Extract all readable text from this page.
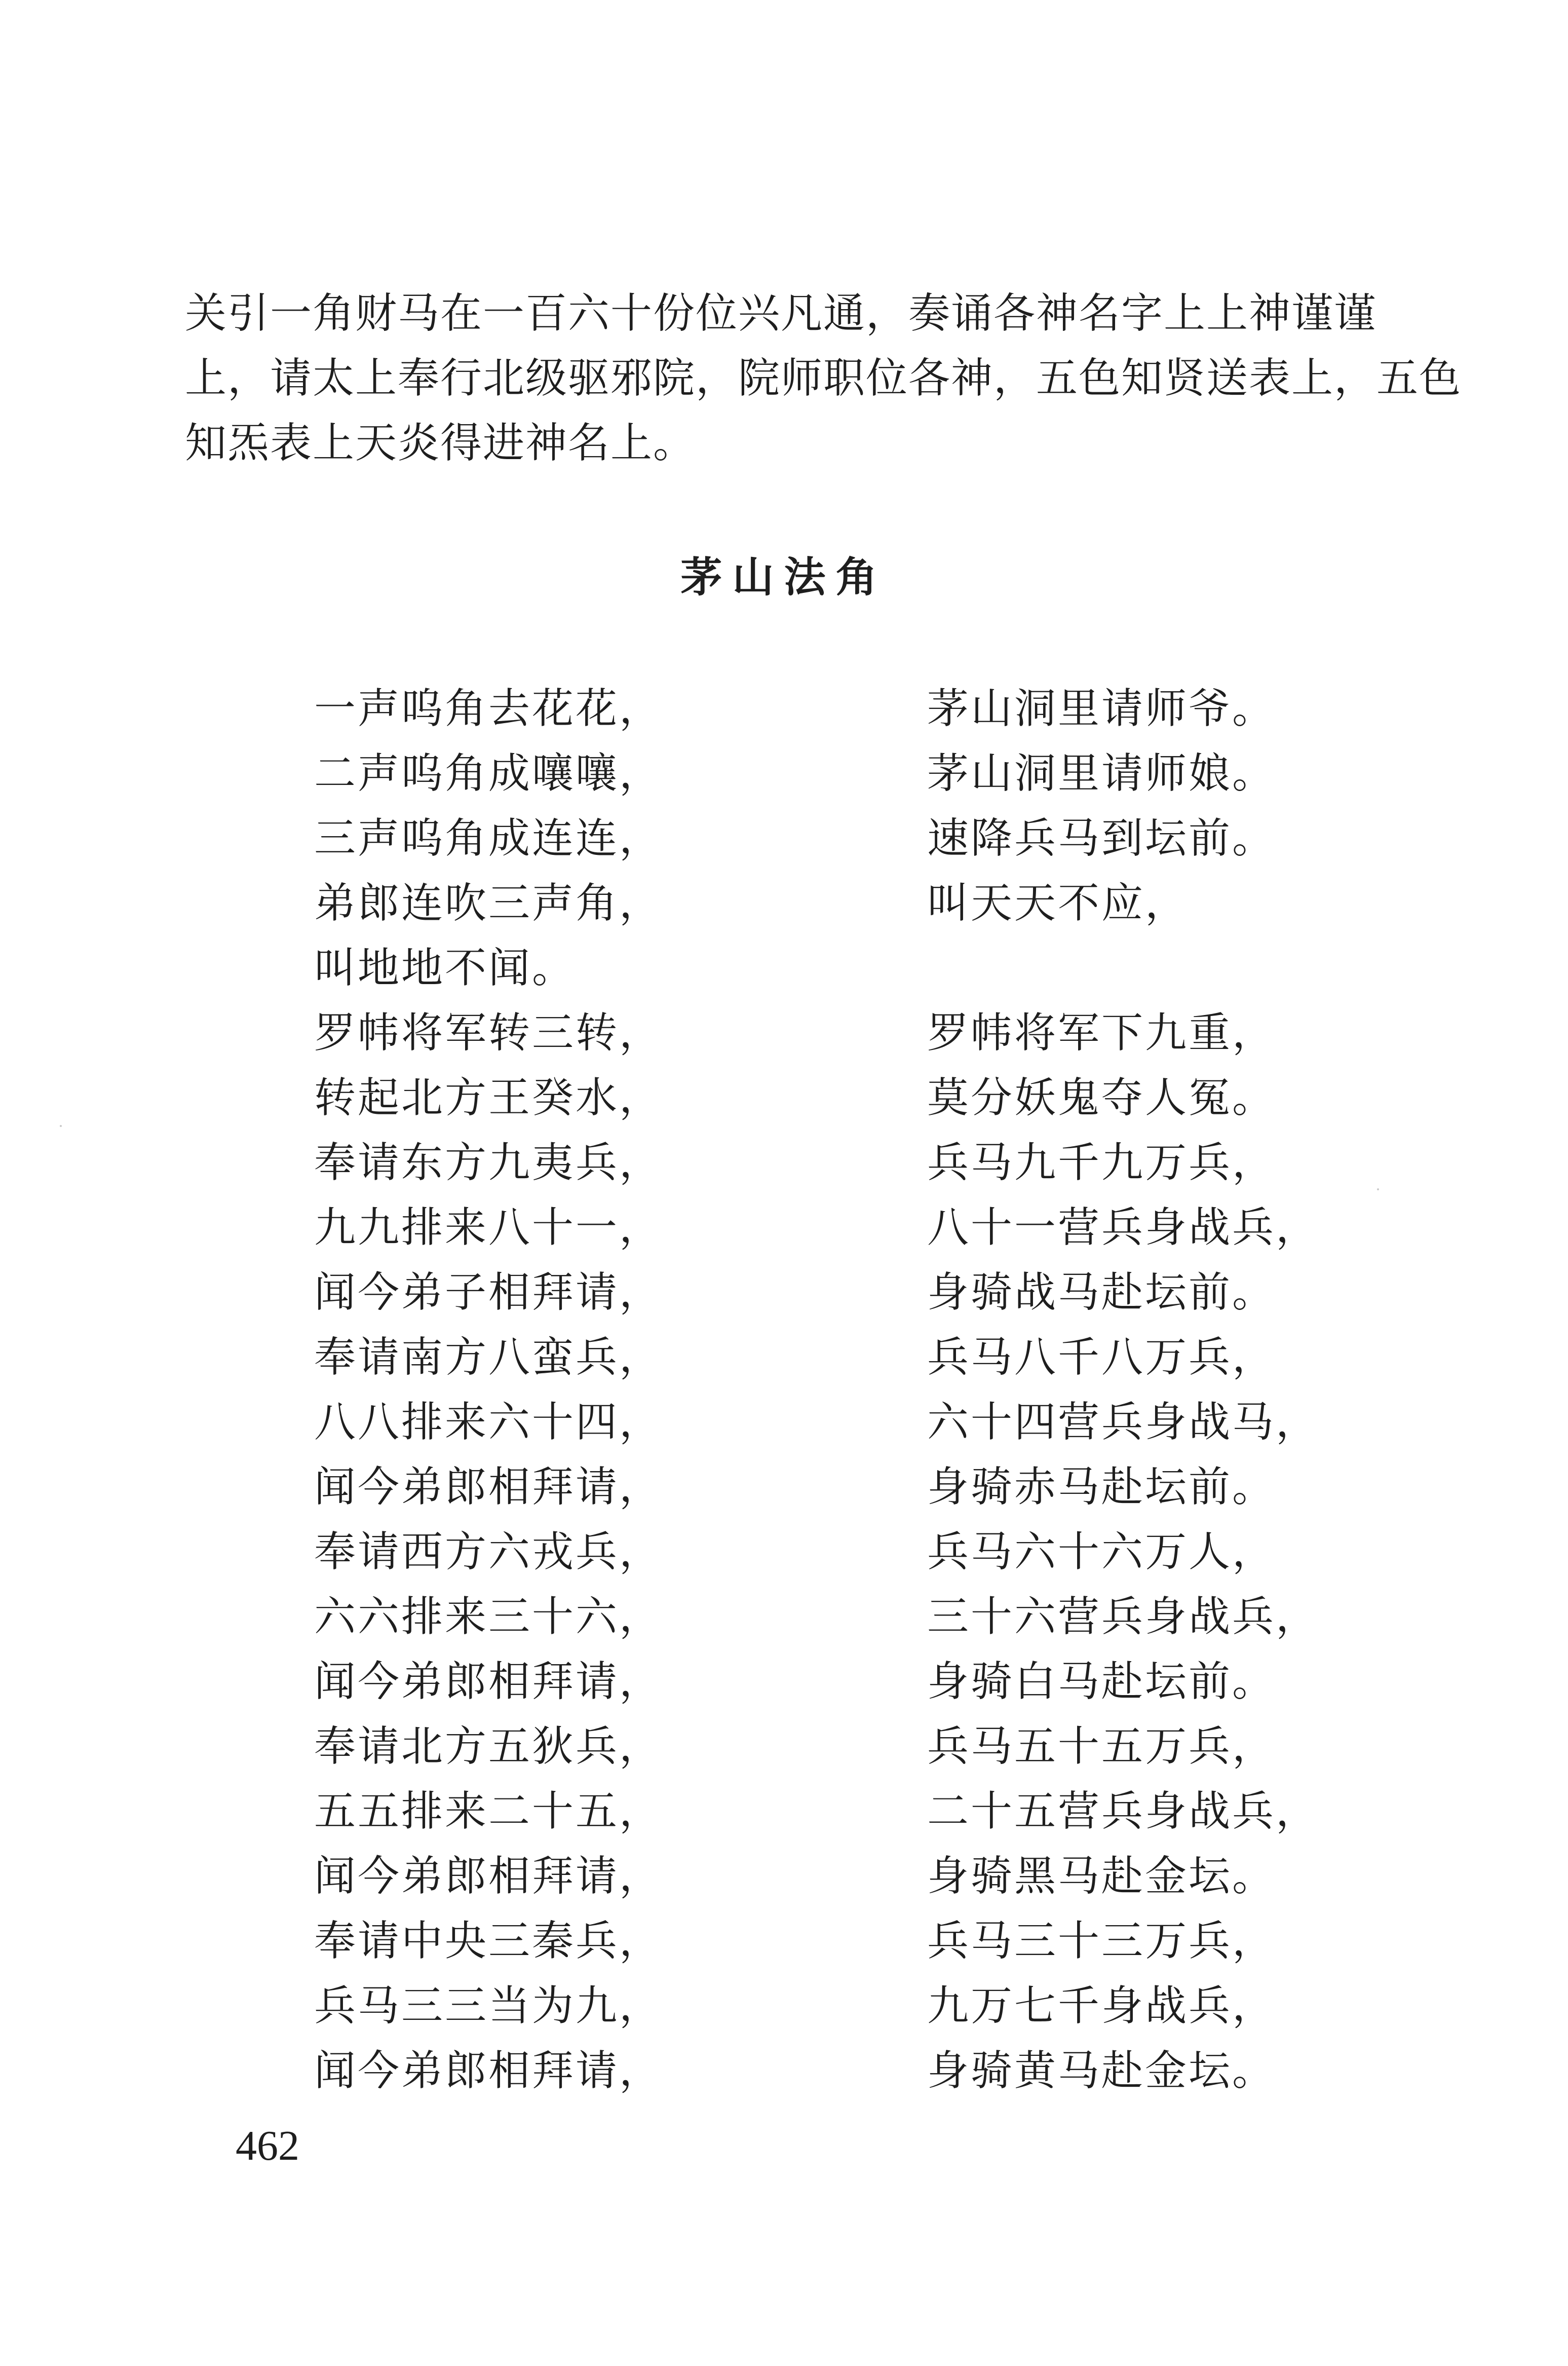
关引一角财马在一百六十份位兴凡通，奏诵各神名字上上神谨谨
上，请太上奉行北级驱邪院，院师职位各神，五色知贤送表上，五色
知炁表上天炎得进神名上。

茅山法角
一声呜角去花花，	茅山洞里请师爷。
二声呜角成嚷嚷，	茅山洞里请师娘。
三声呜角成连连，	速降兵马到坛前。
弟郎连吹三声角，	叫天天不应，
叫地地不闻。
罗帏将军转三转，	罗帏将军下九重，
转起北方王癸水，	莫分妖鬼夺人冤。
奉请东方九夷兵，	兵马九千九万兵，
九九排来八十一，	八十一营兵身战兵，
闻今弟子相拜请，	身骑战马赴坛前。
奉请南方八蛮兵，	兵马八千八万兵，
八八排来六十四，	六十四营兵身战马，
闻今弟郎相拜请，	身骑赤马赴坛前。
奉请西方六戎兵，	兵马六十六万人，
六六排来三十六，	三十六营兵身战兵，
闻今弟郎相拜请，	身骑白马赴坛前。
奉请北方五狄兵，	兵马五十五万兵，
五五排来二十五，	二十五营兵身战兵，
闻今弟郎相拜请，	身骑黑马赴金坛。
奉请中央三秦兵，	兵马三十三万兵，
兵马三三当为九，	九万七千身战兵，
闻今弟郎相拜请，	身骑黄马赴金坛。

462
